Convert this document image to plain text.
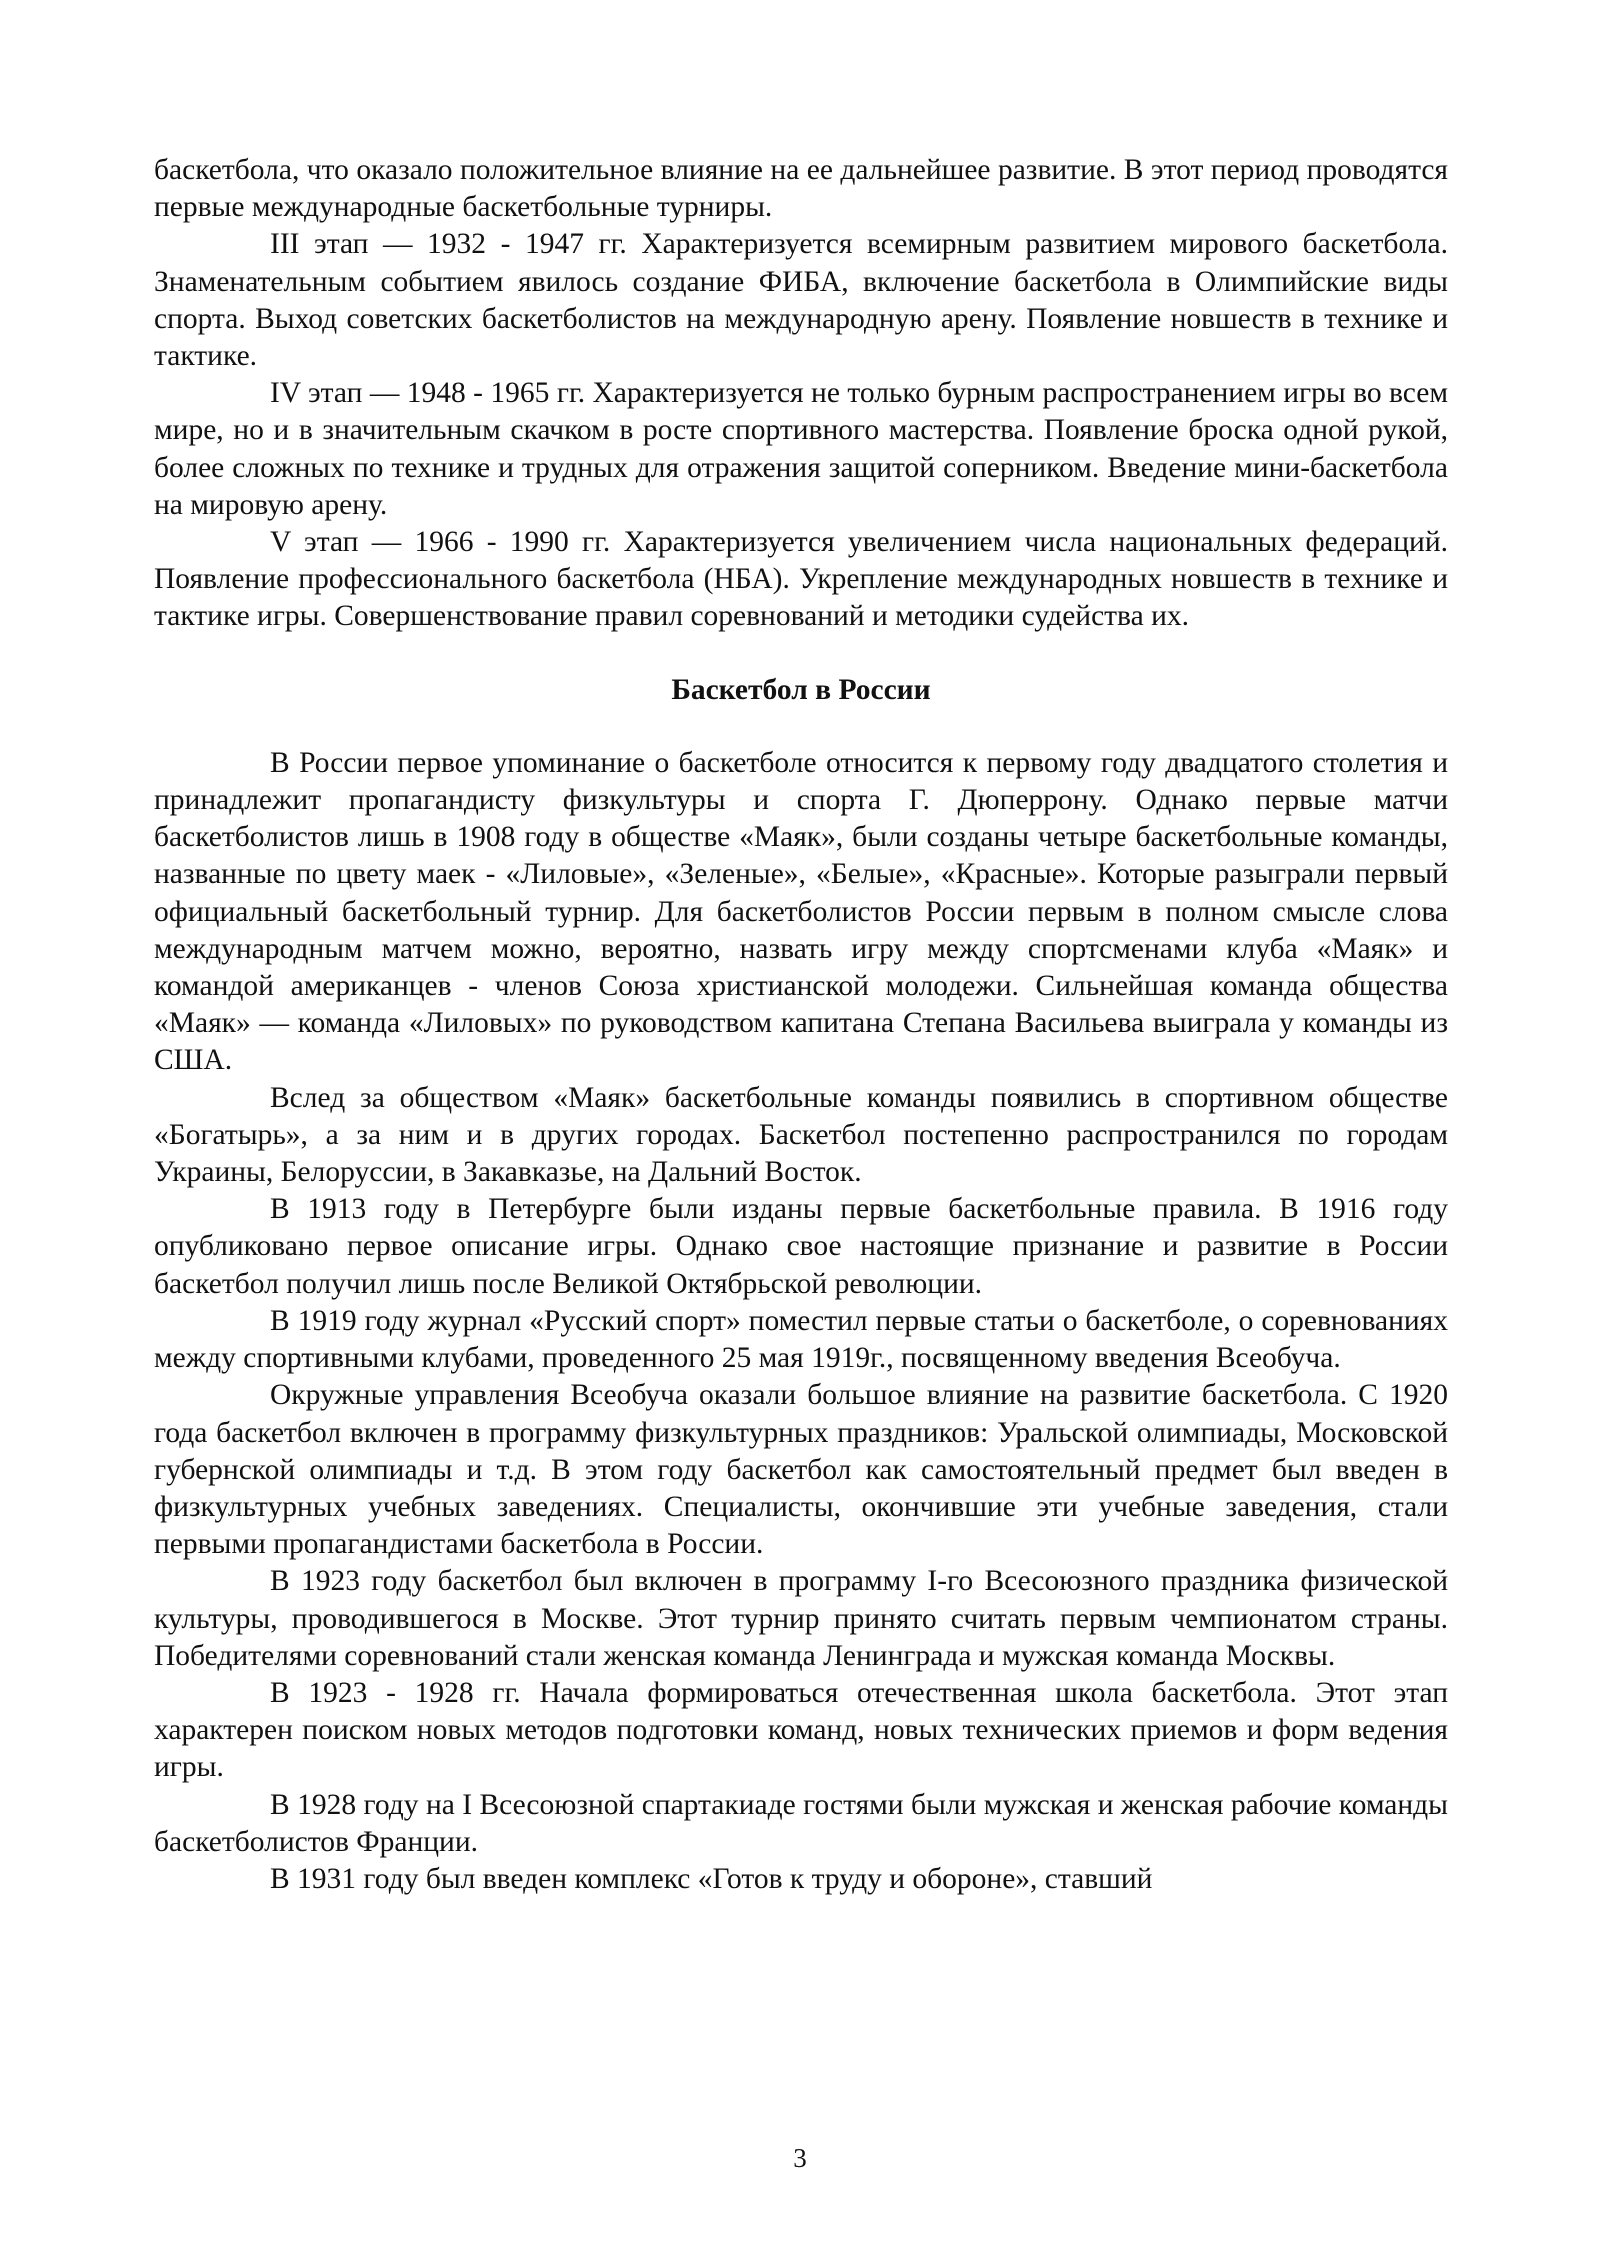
баскетбола, что оказало положительное влияние на ее дальнейшее развитие. В этот период проводятся первые международные баскетбольные турниры.

III этап — 1932 - 1947 гг. Характеризуется всемирным развитием мирового баскетбола. Знаменательным событием явилось создание ФИБА, включение баскетбола в Олимпийские виды спорта. Выход советских баскетболистов на международную арену. Появление новшеств в технике и тактике.

IV этап — 1948 - 1965 гг. Характеризуется не только бурным распространением игры во всем мире, но и в значительным скачком в росте спортивного мастерства. Появление броска одной рукой, более сложных по технике и трудных для отражения защитой соперником. Введение мини-баскетбола на мировую арену.

V этап — 1966 - 1990 гг. Характеризуется увеличением числа национальных федераций. Появление профессионального баскетбола (НБА). Укрепление международных новшеств в технике и тактике игры. Совершенствование правил соревнований и методики судейства их.

Баскетбол в России

В России первое упоминание о баскетболе относится к первому году двадцатого столетия и принадлежит пропагандисту физкультуры и спорта Г. Дюперрону. Однако первые матчи баскетболистов лишь в 1908 году в обществе «Маяк», были созданы четыре баскетбольные команды, названные по цвету маек - «Лиловые», «Зеленые», «Белые», «Красные». Которые разыграли первый официальный баскетбольный турнир. Для баскетболистов России первым в полном смысле слова международным матчем можно, вероятно, назвать игру между спортсменами клуба «Маяк» и командой американцев - членов Союза христианской молодежи. Сильнейшая команда общества «Маяк» — команда «Лиловых» по руководством капитана Степана Васильева выиграла у команды из США.

Вслед за обществом «Маяк» баскетбольные команды появились в спортивном обществе «Богатырь», а за ним и в других городах. Баскетбол постепенно распространился по городам Украины, Белоруссии, в Закавказье, на Дальний Восток.

В 1913 году в Петербурге были изданы первые баскетбольные правила. В 1916 году опубликовано первое описание игры. Однако свое настоящие признание и развитие в России баскетбол получил лишь после Великой Октябрьской революции.

В 1919 году журнал «Русский спорт» поместил первые статьи о баскетболе, о соревнованиях между спортивными клубами, проведенного 25 мая 1919г., посвященному введения Всеобуча.

Окружные управления Всеобуча оказали большое влияние на развитие баскетбола. С 1920 года баскетбол включен в программу физкультурных праздников: Уральской олимпиады, Московской губернской олимпиады и т.д. В этом году баскетбол как самостоятельный предмет был введен в физкультурных учебных заведениях. Специалисты, окончившие эти учебные заведения, стали первыми пропагандистами баскетбола в России.

В 1923 году баскетбол был включен в программу I-го Всесоюзного праздника физической культуры, проводившегося в Москве. Этот турнир принято считать первым чемпионатом страны. Победителями соревнований стали женская команда Ленинграда и мужская команда Москвы.

В 1923 - 1928 гг. Начала формироваться отечественная школа баскетбола. Этот этап характерен поиском новых методов подготовки команд, новых технических приемов и форм ведения игры.

В 1928 году на I Всесоюзной спартакиаде гостями были мужская и женская рабочие команды баскетболистов Франции.

В 1931 году был введен комплекс «Готов к труду и обороне», ставший

3
